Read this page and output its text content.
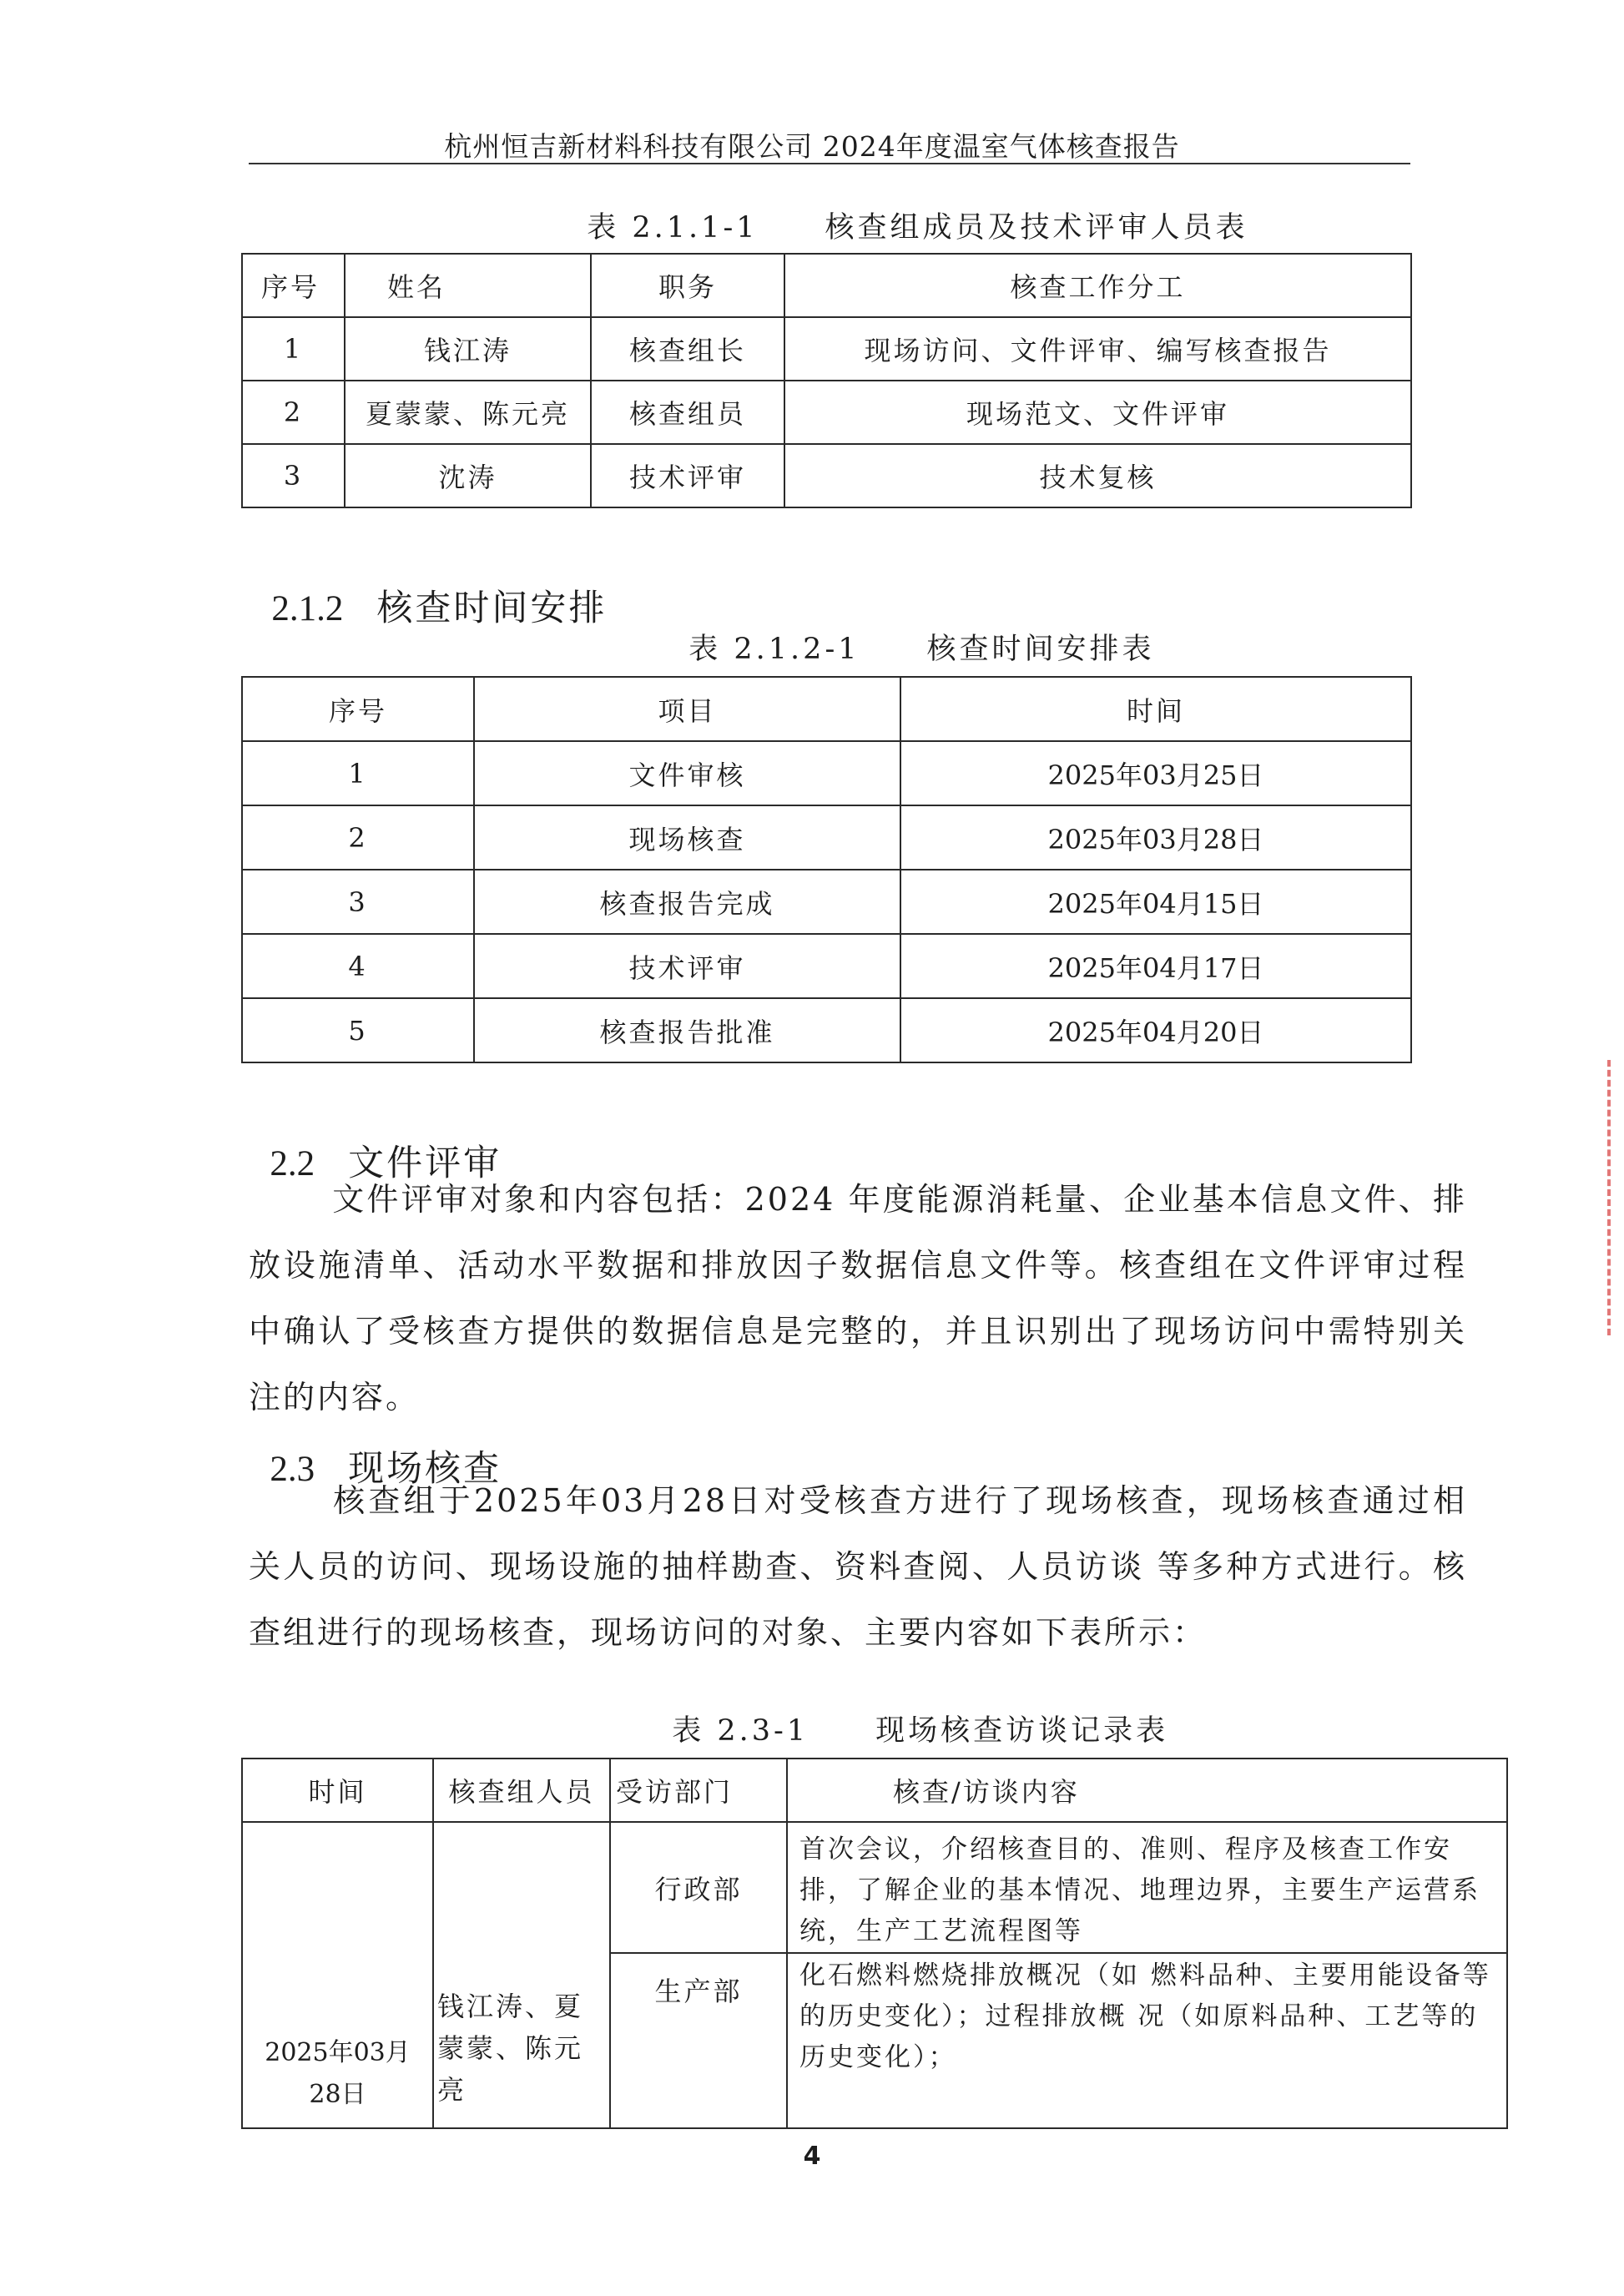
杭州恒吉新材料科技有限公司 2024年度温室气体核查报告

表 2.1.1-1 核查组成员及技术评审人员表

序号	姓名	职务	核查工作分工
1	钱江涛	核查组长	现场访问、文件评审、编写核查报告
2	夏蒙蒙、陈元亮	核查组员	现场范文、文件评审
3	沈涛	技术评审	技术复核

2.1.2 核查时间安排

表 2.1.2-1 核查时间安排表

序号	项目	时间
1	文件审核	2025年03月25日
2	现场核查	2025年03月28日
3	核查报告完成	2025年04月15日
4	技术评审	2025年04月17日
5	核查报告批准	2025年04月20日

2.2 文件评审

文件评审对象和内容包括：2024 年度能源消耗量、企业基本信息文件、排放设施清单、活动水平数据和排放因子数据信息文件等。核查组在文件评审过程中确认了受核查方提供的数据信息是完整的，并且识别出了现场访问中需特别关注的内容。

2.3 现场核查

核查组于2025年03月28日对受核查方进行了现场核查，现场核查通过相关人员的访问、现场设施的抽样勘查、资料查阅、人员访谈 等多种方式进行。核查组进行的现场核查，现场访问的对象、主要内容如下表所示：

表 2.3-1 现场核查访谈记录表

时间	核查组人员	受访部门	核查/访谈内容
2025年03月28日	钱江涛、夏蒙蒙、陈元亮	行政部	首次会议，介绍核查目的、准则、程序及核查工作安排，了解企业的基本情况、地理边界，主要生产运营系统，生产工艺流程图等

		生产部	化石燃料燃烧排放概况（如 燃料品种、主要用能设备等的历史变化）；过程排放概 况（如原料品种、工艺等的历史变化）；
4
